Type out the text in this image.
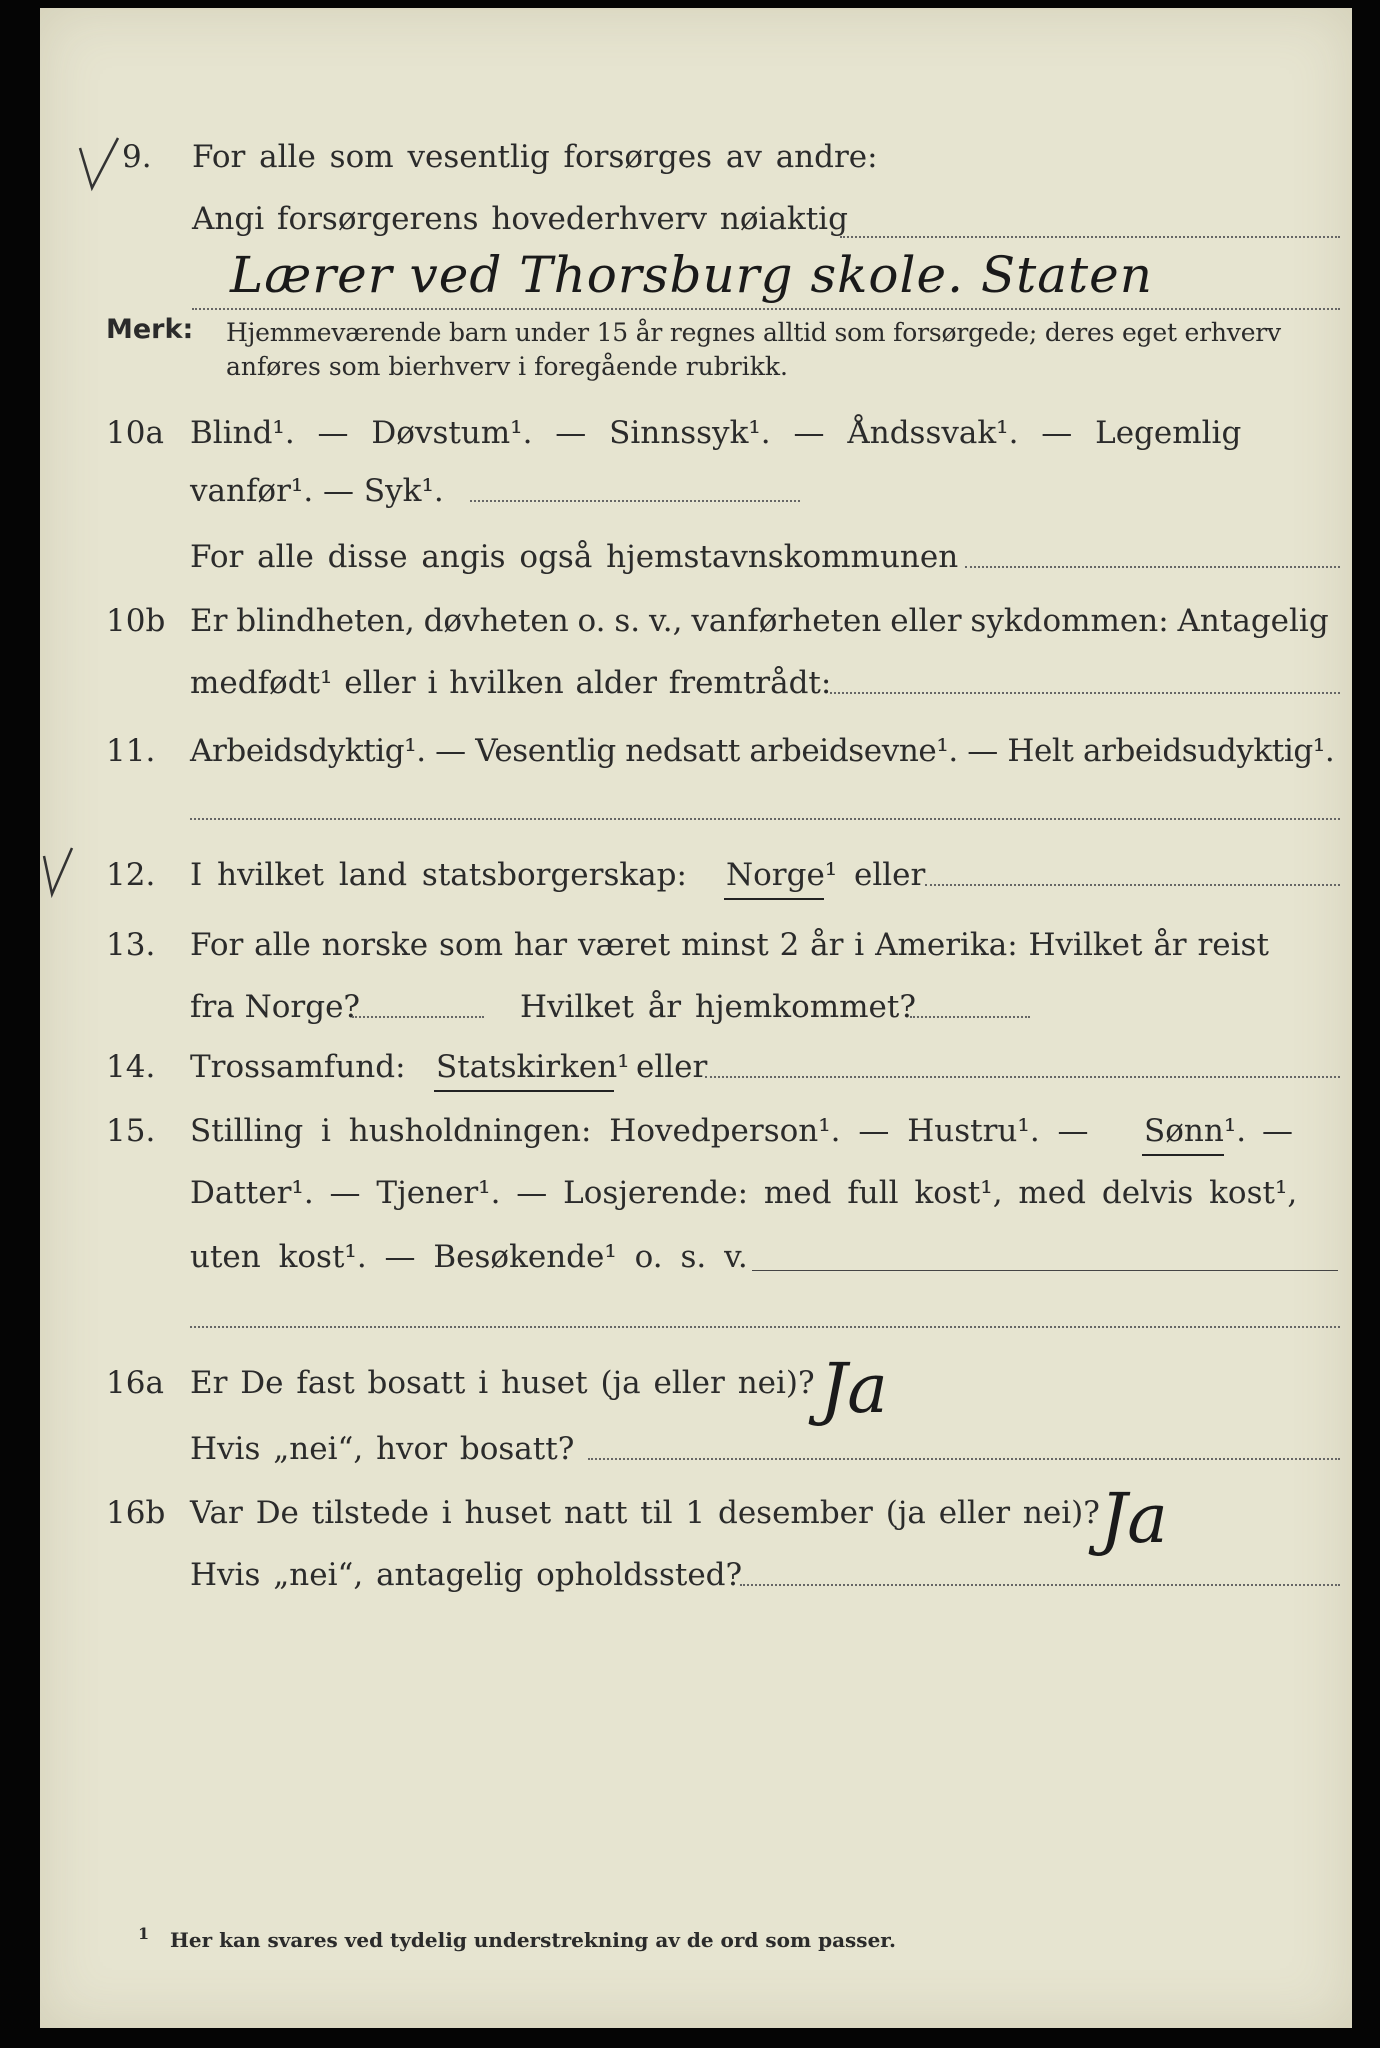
9. For alle som vesentlig forsørges av andre:
Angi forsørgerens hovederhverv nøiaktig
Lærer ved Thorsburg skole. Staten
Merk: Hjemmeværende barn under 15 år regnes alltid som forsørgede; deres eget erhverv
anføres som bierhverv i foregående rubrikk.
10a Blind¹. — Døvstum¹. — Sinnssyk¹. — Åndssvak¹. — Legemlig
vanfør¹. — Syk¹.
For alle disse angis også hjemstavnskommunen
10b Er blindheten, døvheten o. s. v., vanførheten eller sykdommen: Antagelig
medfødt¹ eller i hvilken alder fremtrådt:
11. Arbeidsdyktig¹. — Vesentlig nedsatt arbeidsevne¹. — Helt arbeidsudyktig¹.
12. I hvilket land statsborgerskap: Norge¹ eller
13. For alle norske som har været minst 2 år i Amerika: Hvilket år reist
fra Norge?	Hvilket år hjemkommet?
14. Trossamfund: Statskirken¹ eller
15. Stilling i husholdningen: Hovedperson¹. — Hustru¹. — Sønn¹. —
Datter¹. — Tjener¹. — Losjerende: med full kost¹, med delvis kost¹,
uten kost¹. — Besøkende¹ o. s. v.
16a Er De fast bosatt i huset (ja eller nei)? Ja
Hvis „nei“, hvor bosatt?
16b Var De tilstede i huset natt til 1 desember (ja eller nei)? Ja
Hvis „nei“, antagelig opholdssted?
1 Her kan svares ved tydelig understrekning av de ord som passer.
